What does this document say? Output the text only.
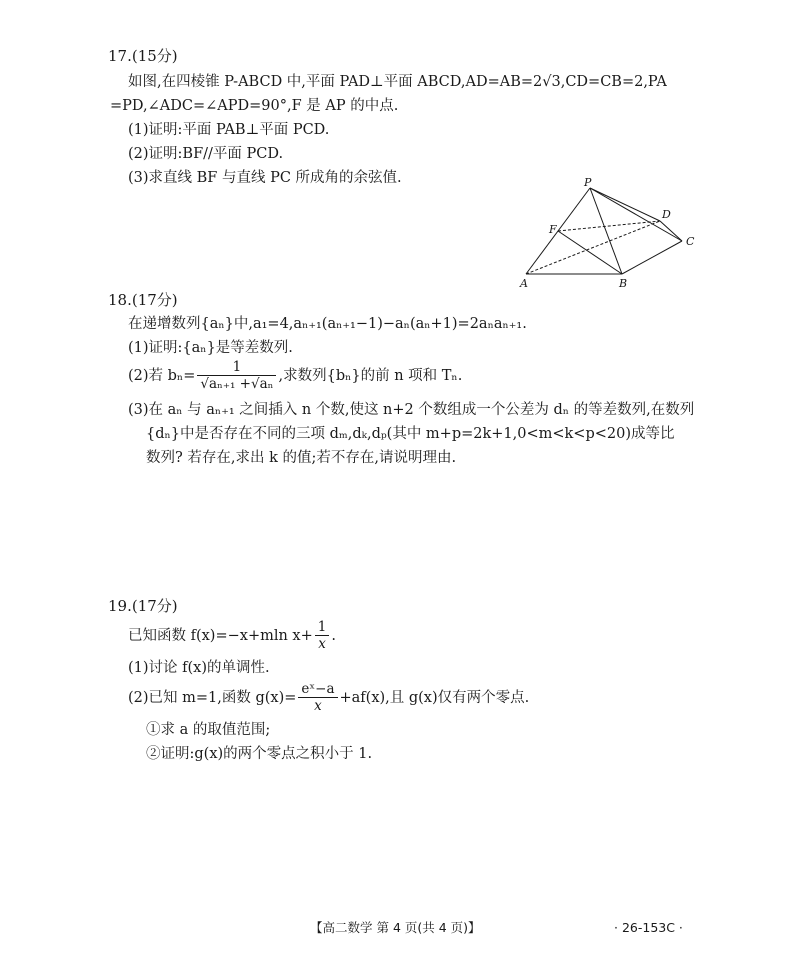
17.(15分)
如图,在四棱锥 P-ABCD 中,平面 PAD⊥平面 ABCD,AD=AB=2√3,CD=CB=2,PA
=PD,∠ADC=∠APD=90°,F 是 AP 的中点.
(1)证明:平面 PAB⊥平面 PCD.
(2)证明:BF//平面 PCD.
(3)求直线 BF 与直线 PC 所成角的余弦值.	P
D
F
C
A	B
18.(17分)
在递增数列{aₙ}中,a₁=4,aₙ₊₁(aₙ₊₁−1)−aₙ(aₙ+1)=2aₙaₙ₊₁.
(1)证明:{aₙ}是等差数列.
(2)若 $b_n= \frac{1}{\text{√aₙ₊₁ +√aₙ}}$ ,求数列{bₙ}的前 n 项和 Tₙ.
(3)在 aₙ 与 aₙ₊₁ 之间插入 n 个数,使这 n+2 个数组成一个公差为 dₙ 的等差数列,在数列
{dₙ}中是否存在不同的三项 dₘ,dₖ,dₚ(其中 m+p=2k+1,0<m<k<p<20)成等比
数列? 若存在,求出 k 的值;若不存在,请说明理由.
19.(17分)
已知函数 f(x)=−x+mln $x+ \frac{1}{x}$ .
(1)讨论 f(x)的单调性.
(2)已知 m=1,函数 $g(x)= \frac{\text{eˣ−a}}{x} +af(x)$,且 g(x)仅有两个零点.
①求 a 的取值范围;
②证明:g(x)的两个零点之积小于 1.
【高二数学 第 4 页(共 4 页)】	· 26-153C ·
